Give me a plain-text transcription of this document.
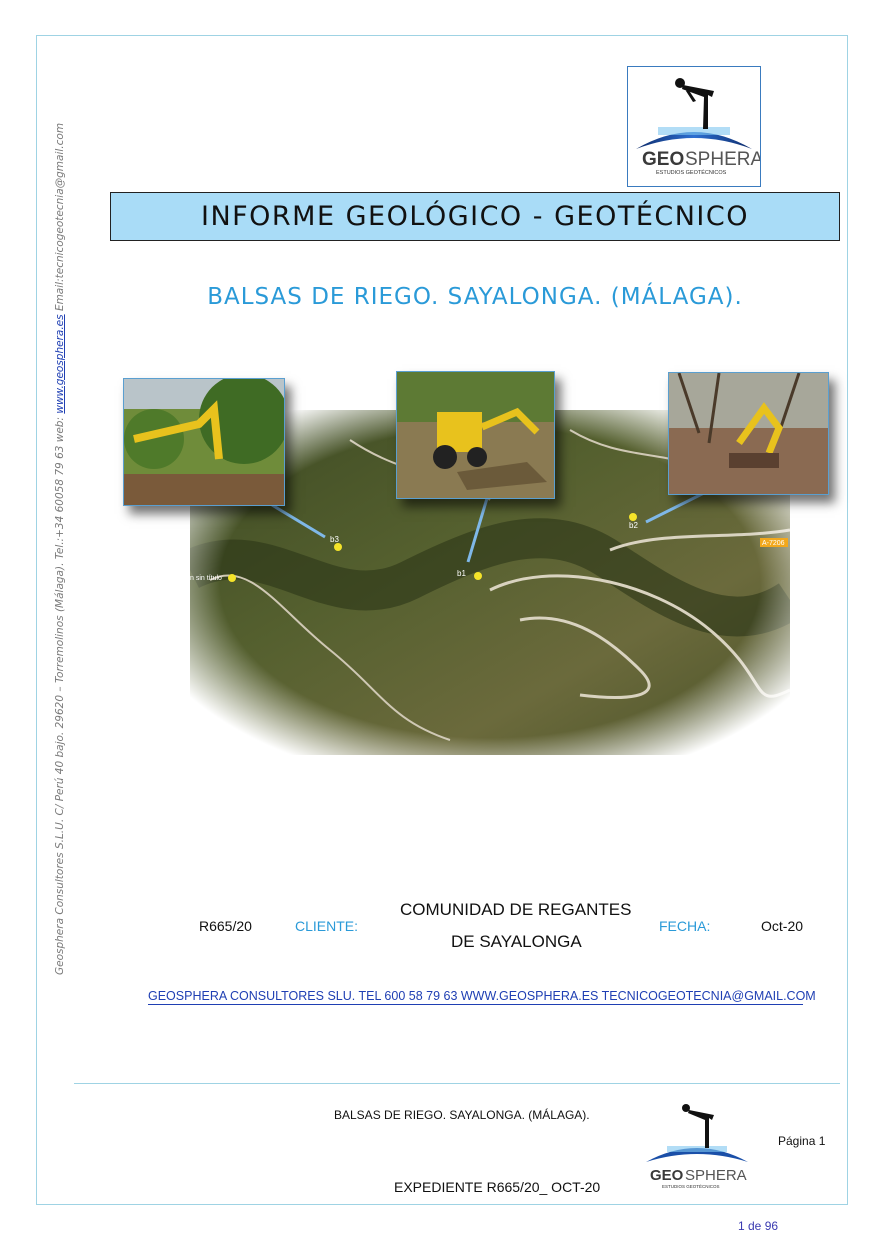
Geosphera Consultores S.L.U. C/ Perú 40 bajo. 29620 – Torremolinos (Málaga). Tel.:+34 60058 79 63 web: www.geosphera.es Email:tecnicogeotecnia@gmail.com	GEO SPHERA
ESTUDIOS GEOTÉCNICOS
INFORME GEOLÓGICO - GEOTÉCNICO
BALSAS DE RIEGO. SAYALONGA. (MÁLAGA).
b3
b1
b2
n sin título
A-7206
R665/20	CLIENTE:
COMUNIDAD DE REGANTES
DE SAYALONGA
FECHA:	Oct-20
GEOSPHERA CONSULTORES SLU. TEL 600 58 79 63 WWW.GEOSPHERA.ES TECNICOGEOTECNIA@GMAIL.COM
BALSAS DE RIEGO. SAYALONGA. (MÁLAGA).
Página 1
EXPEDIENTE R665/20_ OCT-20
GEO SPHERA
ESTUDIOS GEOTÉCNICOS
1 de 96
